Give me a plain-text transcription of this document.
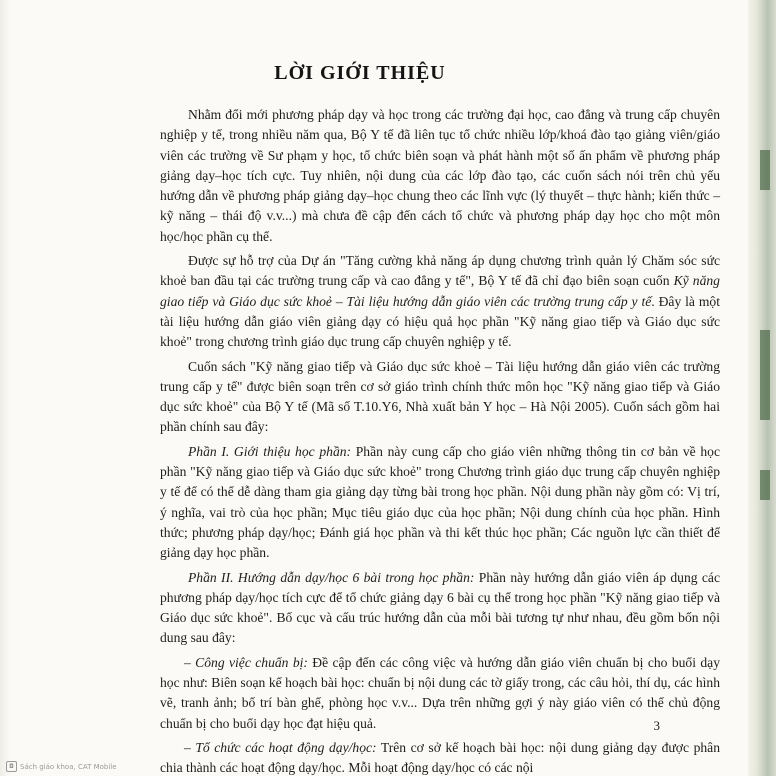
LỜI GIỚI THIỆU

Nhằm đổi mới phương pháp dạy và học trong các trường đại học, cao đẳng và trung cấp chuyên nghiệp y tế, trong nhiều năm qua, Bộ Y tế đã liên tục tổ chức nhiều lớp/khoá đào tạo giảng viên/giáo viên các trường về Sư phạm y học, tổ chức biên soạn và phát hành một số ấn phẩm về phương pháp giảng dạy–học tích cực. Tuy nhiên, nội dung của các lớp đào tạo, các cuốn sách nói trên chủ yếu hướng dẫn về phương pháp giảng dạy–học chung theo các lĩnh vực (lý thuyết – thực hành; kiến thức – kỹ năng – thái độ v.v...) mà chưa đề cập đến cách tổ chức và phương pháp dạy học cho một môn học/học phần cụ thể.

Được sự hỗ trợ của Dự án "Tăng cường khả năng áp dụng chương trình quản lý Chăm sóc sức khoẻ ban đầu tại các trường trung cấp và cao đẳng y tế", Bộ Y tế đã chỉ đạo biên soạn cuốn Kỹ năng giao tiếp và Giáo dục sức khoẻ – Tài liệu hướng dẫn giáo viên các trường trung cấp y tế. Đây là một tài liệu hướng dẫn giáo viên giảng dạy có hiệu quả học phần "Kỹ năng giao tiếp và Giáo dục sức khoẻ" trong chương trình giáo dục trung cấp chuyên nghiệp y tế.

Cuốn sách "Kỹ năng giao tiếp và Giáo dục sức khoẻ – Tài liệu hướng dẫn giáo viên các trường trung cấp y tế" được biên soạn trên cơ sở giáo trình chính thức môn học "Kỹ năng giao tiếp và Giáo dục sức khoẻ" của Bộ Y tế (Mã số T.10.Y6, Nhà xuất bản Y học – Hà Nội 2005). Cuốn sách gồm hai phần chính sau đây:

Phần I. Giới thiệu học phần: Phần này cung cấp cho giáo viên những thông tin cơ bản về học phần "Kỹ năng giao tiếp và Giáo dục sức khoẻ" trong Chương trình giáo dục trung cấp chuyên nghiệp y tế để có thể dễ dàng tham gia giảng dạy từng bài trong học phần. Nội dung phần này gồm có: Vị trí, ý nghĩa, vai trò của học phần; Mục tiêu giáo dục của học phần; Nội dung chính của học phần. Hình thức; phương pháp dạy/học; Đánh giá học phần và thi kết thúc học phần; Các nguồn lực cần thiết để giảng dạy học phần.

Phần II. Hướng dẫn dạy/học 6 bài trong học phần: Phần này hướng dẫn giáo viên áp dụng các phương pháp dạy/học tích cực để tổ chức giảng dạy 6 bài cụ thể trong học phần "Kỹ năng giao tiếp và Giáo dục sức khoẻ". Bố cục và cấu trúc hướng dẫn của mỗi bài tương tự như nhau, đều gồm bốn nội dung sau đây:

– Công việc chuẩn bị: Đề cập đến các công việc và hướng dẫn giáo viên chuẩn bị cho buổi dạy học như: Biên soạn kế hoạch bài học: chuẩn bị nội dung các tờ giấy trong, các câu hỏi, thí dụ, các hình vẽ, tranh ảnh; bố trí bàn ghế, phòng học v.v... Dựa trên những gợi ý này giáo viên có thể chủ động chuẩn bị cho buổi dạy học đạt hiệu quả.

– Tổ chức các hoạt động dạy/học: Trên cơ sở kế hoạch bài học: nội dung giảng dạy được phân chia thành các hoạt động dạy/học. Mỗi hoạt động dạy/học có các nội

3
◘ Sách giáo khoa, CAT Mobile
